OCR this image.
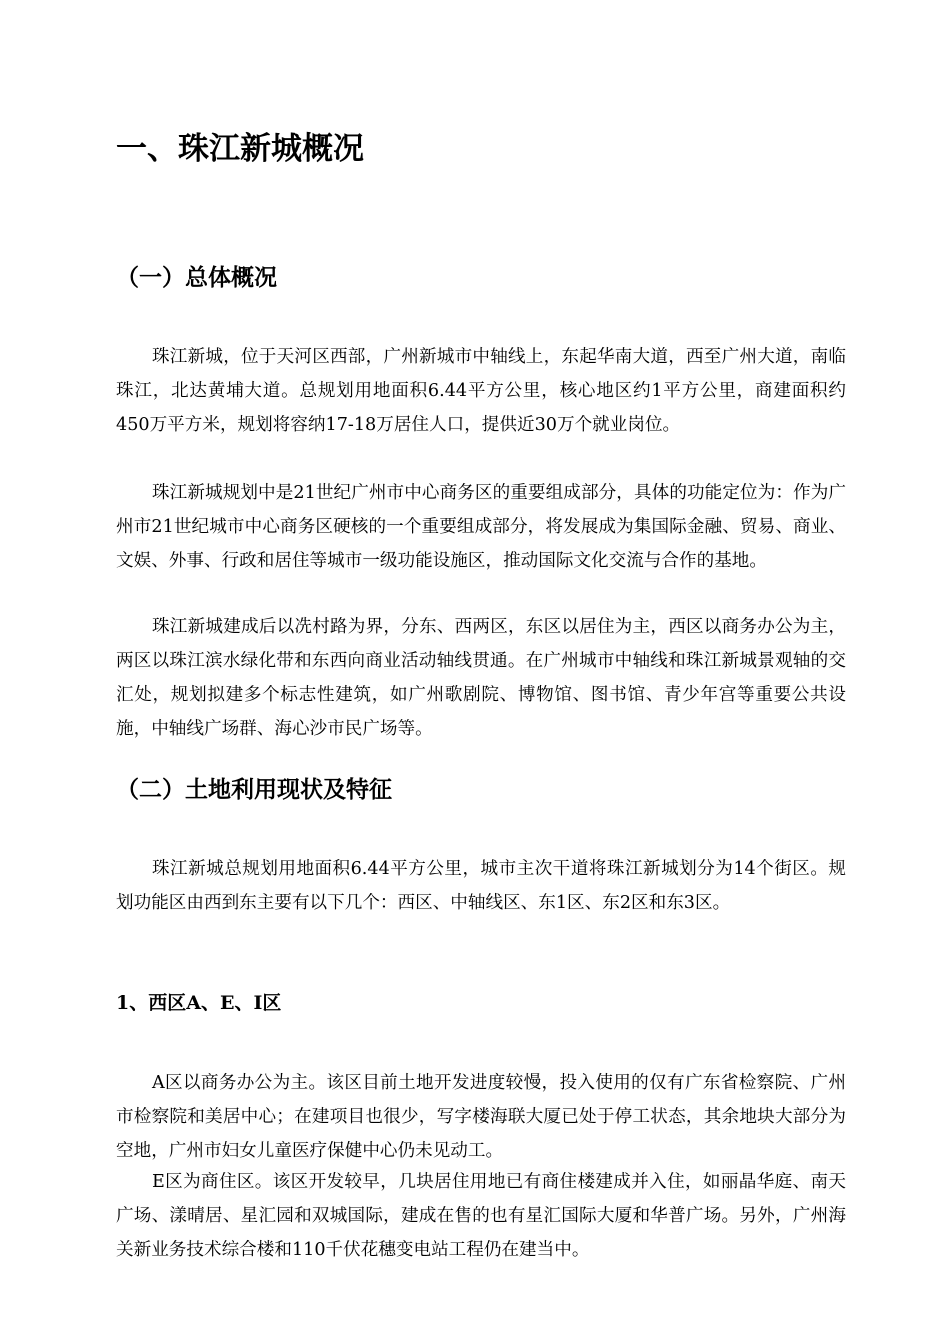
一、珠江新城概况
（一）总体概况

珠江新城，位于天河区西部，广州新城市中轴线上，东起华南大道，西至广州大道，南临珠江，北达黄埔大道。总规划用地面积6.44平方公里，核心地区约1平方公里，商建面积约450万平方米，规划将容纳17-18万居住人口，提供近30万个就业岗位。

珠江新城规划中是21世纪广州市中心商务区的重要组成部分，具体的功能定位为：作为广州市21世纪城市中心商务区硬核的一个重要组成部分，将发展成为集国际金融、贸易、商业、文娱、外事、行政和居住等城市一级功能设施区，推动国际文化交流与合作的基地。

珠江新城建成后以冼村路为界，分东、西两区，东区以居住为主，西区以商务办公为主，两区以珠江滨水绿化带和东西向商业活动轴线贯通。在广州城市中轴线和珠江新城景观轴的交汇处，规划拟建多个标志性建筑，如广州歌剧院、博物馆、图书馆、青少年宫等重要公共设施，中轴线广场群、海心沙市民广场等。

（二）土地利用现状及特征

珠江新城总规划用地面积6.44平方公里，城市主次干道将珠江新城划分为14个街区。规划功能区由西到东主要有以下几个：西区、中轴线区、东1区、东2区和东3区。

1、西区A、E、I区

A区以商务办公为主。该区目前土地开发进度较慢，投入使用的仅有广东省检察院、广州市检察院和美居中心；在建项目也很少，写字楼海联大厦已处于停工状态，其余地块大部分为空地，广州市妇女儿童医疗保健中心仍未见动工。

E区为商住区。该区开发较早，几块居住用地已有商住楼建成并入住，如丽晶华庭、南天广场、漾晴居、星汇园和双城国际，建成在售的也有星汇国际大厦和华普广场。另外，广州海关新业务技术综合楼和110千伏花穗变电站工程仍在建当中。
